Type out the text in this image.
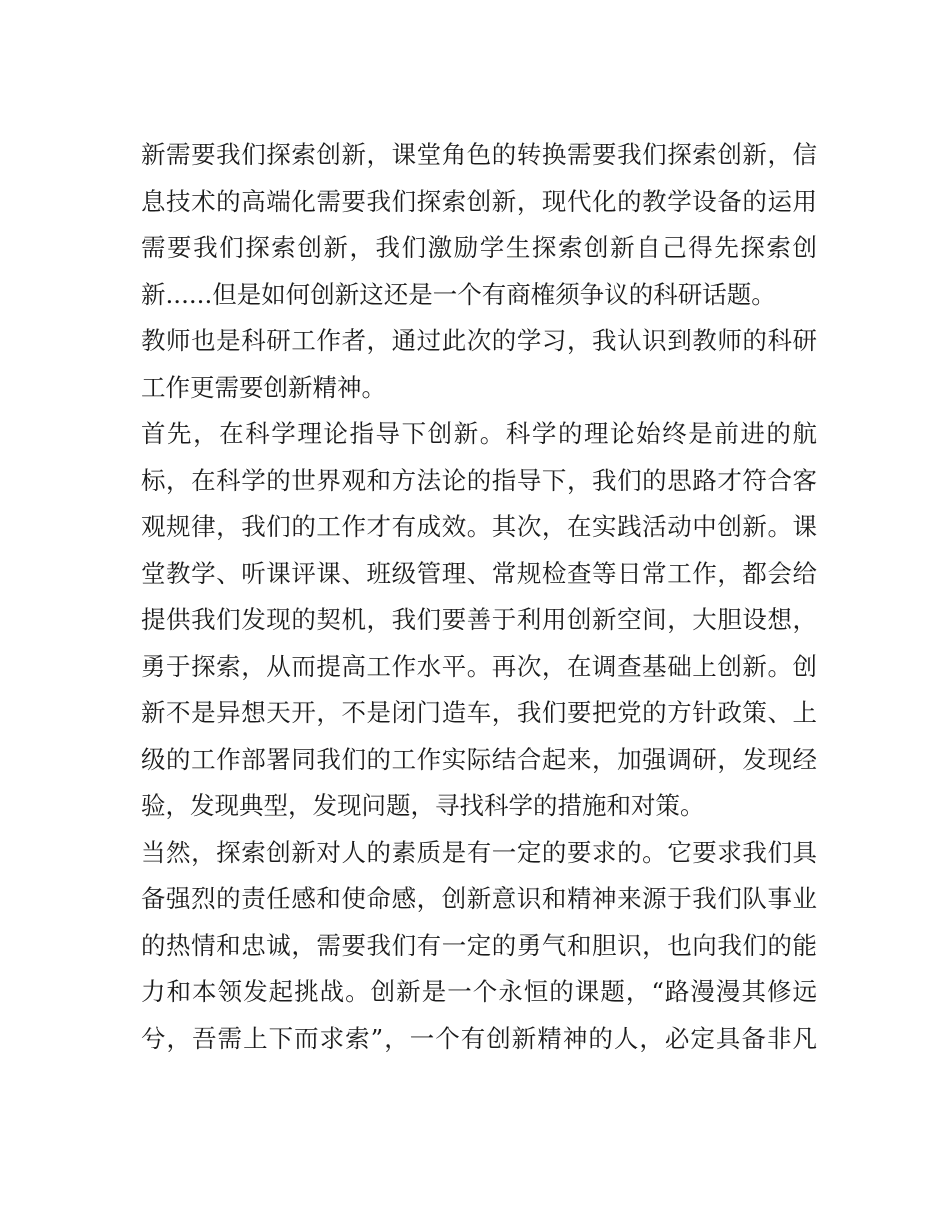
新需要我们探索创新，课堂角色的转换需要我们探索创新，信
息技术的高端化需要我们探索创新，现代化的教学设备的运用
需要我们探索创新，我们激励学生探索创新自己得先探索创
新......但是如何创新这还是一个有商榷须争议的科研话题。
教师也是科研工作者，通过此次的学习，我认识到教师的科研
工作更需要创新精神。
首先，在科学理论指导下创新。科学的理论始终是前进的航
标，在科学的世界观和方法论的指导下，我们的思路才符合客
观规律，我们的工作才有成效。其次，在实践活动中创新。课
堂教学、听课评课、班级管理、常规检查等日常工作，都会给
提供我们发现的契机，我们要善于利用创新空间，大胆设想，
勇于探索，从而提高工作水平。再次，在调查基础上创新。创
新不是异想天开，不是闭门造车，我们要把党的方针政策、上
级的工作部署同我们的工作实际结合起来，加强调研，发现经
验，发现典型，发现问题，寻找科学的措施和对策。
当然，探索创新对人的素质是有一定的要求的。它要求我们具
备强烈的责任感和使命感，创新意识和精神来源于我们队事业
的热情和忠诚，需要我们有一定的勇气和胆识，也向我们的能
力和本领发起挑战。创新是一个永恒的课题，“路漫漫其修远
兮，吾需上下而求索”，一个有创新精神的人，必定具备非凡
